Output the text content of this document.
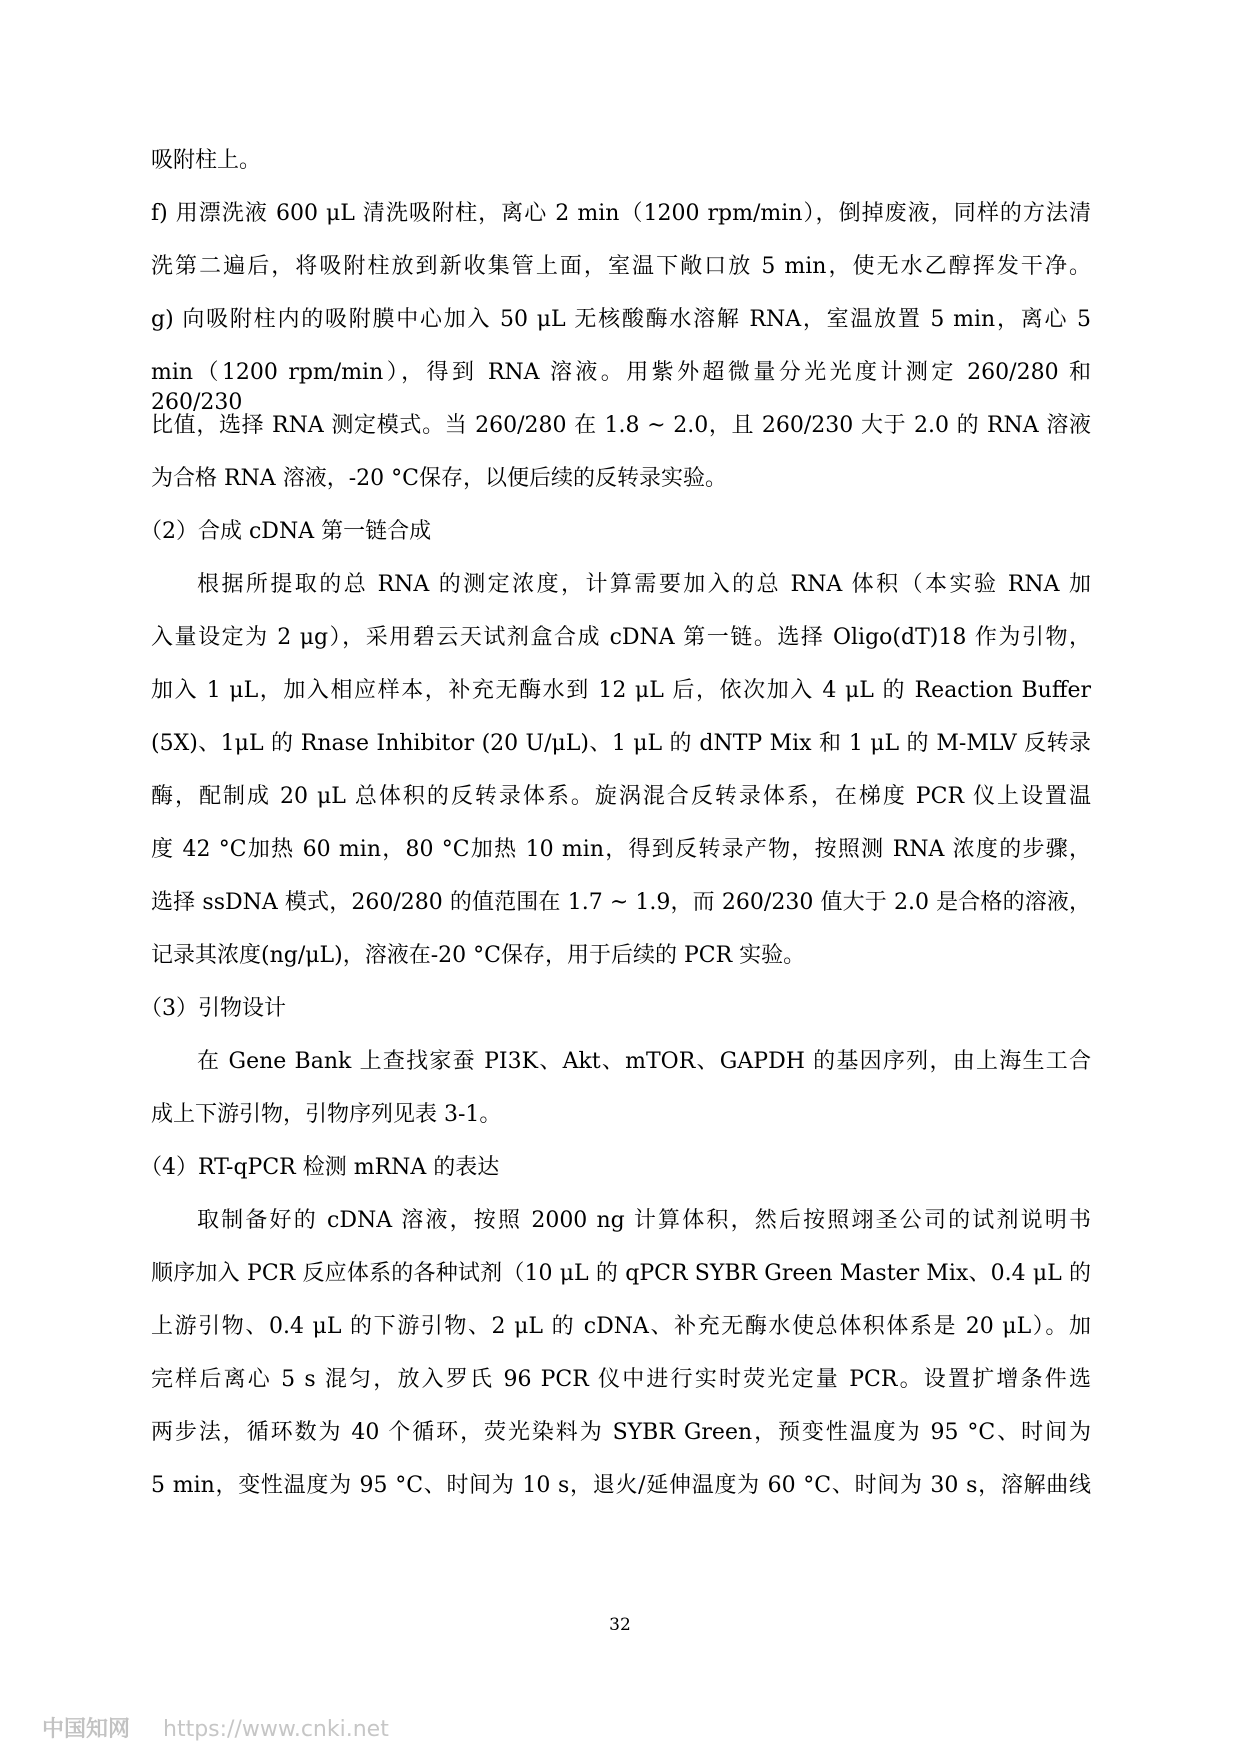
吸附柱上。
f) 用漂洗液 600 μL 清洗吸附柱，离心 2 min（1200 rpm/min），倒掉废液，同样的方法清
洗第二遍后，将吸附柱放到新收集管上面，室温下敞口放 5 min，使无水乙醇挥发干净。
g) 向吸附柱内的吸附膜中心加入 50 μL 无核酸酶水溶解 RNA，室温放置 5 min，离心 5
min（1200 rpm/min），得到 RNA 溶液。用紫外超微量分光光度计测定 260/280 和 260/230
比值，选择 RNA 测定模式。当 260/280 在 1.8 ~ 2.0，且 260/230 大于 2.0 的 RNA 溶液
为合格 RNA 溶液，-20 °C保存，以便后续的反转录实验。
（2）合成 cDNA 第一链合成
根据所提取的总 RNA 的测定浓度，计算需要加入的总 RNA 体积（本实验 RNA 加
入量设定为 2 μg），采用碧云天试剂盒合成 cDNA 第一链。选择 Oligo(dT)18 作为引物，
加入 1 μL，加入相应样本，补充无酶水到 12 μL 后，依次加入 4 μL 的 Reaction Buffer
(5X)、1μL 的 Rnase Inhibitor (20 U/μL)、1 μL 的 dNTP Mix 和 1 μL 的 M-MLV 反转录
酶，配制成 20 μL 总体积的反转录体系。旋涡混合反转录体系，在梯度 PCR 仪上设置温
度 42 °C加热 60 min，80 °C加热 10 min，得到反转录产物，按照测 RNA 浓度的步骤，
选择 ssDNA 模式，260/280 的值范围在 1.7 ~ 1.9，而 260/230 值大于 2.0 是合格的溶液，
记录其浓度(ng/μL)，溶液在-20 °C保存，用于后续的 PCR 实验。
（3）引物设计
在 Gene Bank 上查找家蚕 PI3K、Akt、mTOR、GAPDH 的基因序列，由上海生工合
成上下游引物，引物序列见表 3-1。
（4）RT-qPCR 检测 mRNA 的表达
取制备好的 cDNA 溶液，按照 2000 ng 计算体积，然后按照翊圣公司的试剂说明书
顺序加入 PCR 反应体系的各种试剂（10 μL 的 qPCR SYBR Green Master Mix、0.4 μL 的
上游引物、0.4 μL 的下游引物、2 μL 的 cDNA、补充无酶水使总体积体系是 20 μL）。加
完样后离心 5 s 混匀，放入罗氏 96 PCR 仪中进行实时荧光定量 PCR。设置扩增条件选
两步法，循环数为 40 个循环，荧光染料为 SYBR Green，预变性温度为 95 °C、时间为
5 min，变性温度为 95 °C、时间为 10 s，退火/延伸温度为 60 °C、时间为 30 s，溶解曲线
32
中国知网 https://www.cnki.net
